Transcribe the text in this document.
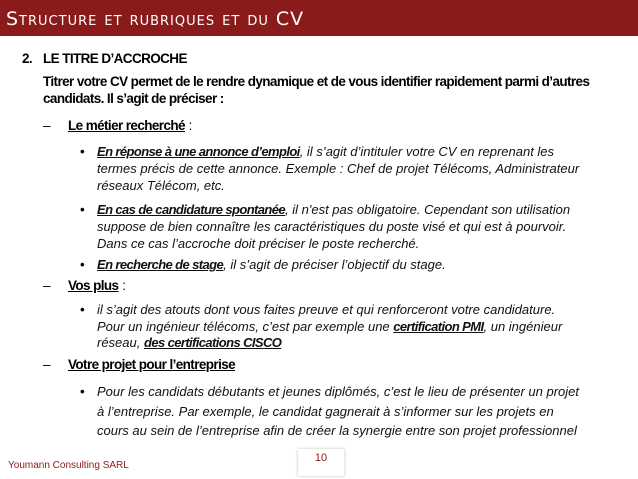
Structure et rubriques et du CV
2. LE TITRE D’ACCROCHE
Titrer votre CV permet de le rendre dynamique et de vous identifier rapidement parmi d’autres
candidats. Il s’agit de préciser :
– Le métier recherché :
• En réponse à une annonce d’emploi, il s’agit d’intituler votre CV en reprenant les
termes précis de cette annonce. Exemple : Chef de projet Télécoms, Administrateur
réseaux Télécom, etc.
• En cas de candidature spontanée, il n'est pas obligatoire. Cependant son utilisation
suppose de bien connaître les caractéristiques du poste visé et qui est à pourvoir.
Dans ce cas l’accroche doit préciser le poste recherché.
• En recherche de stage, il s’agit de préciser l’objectif du stage.
– Vos plus :
• il s’agit des atouts dont vous faites preuve et qui renforceront votre candidature.
Pour un ingénieur télécoms, c’est par exemple une certification PMI, un ingénieur
réseau, des certifications CISCO
– Votre projet pour l’entreprise
• Pour les candidats débutants et jeunes diplômés, c’est le lieu de présenter un projet
à l’entreprise. Par exemple, le candidat gagnerait à s’informer sur les projets en
cours au sein de l’entreprise afin de créer la synergie entre son projet professionnel
Youmann Consulting SARL
10
